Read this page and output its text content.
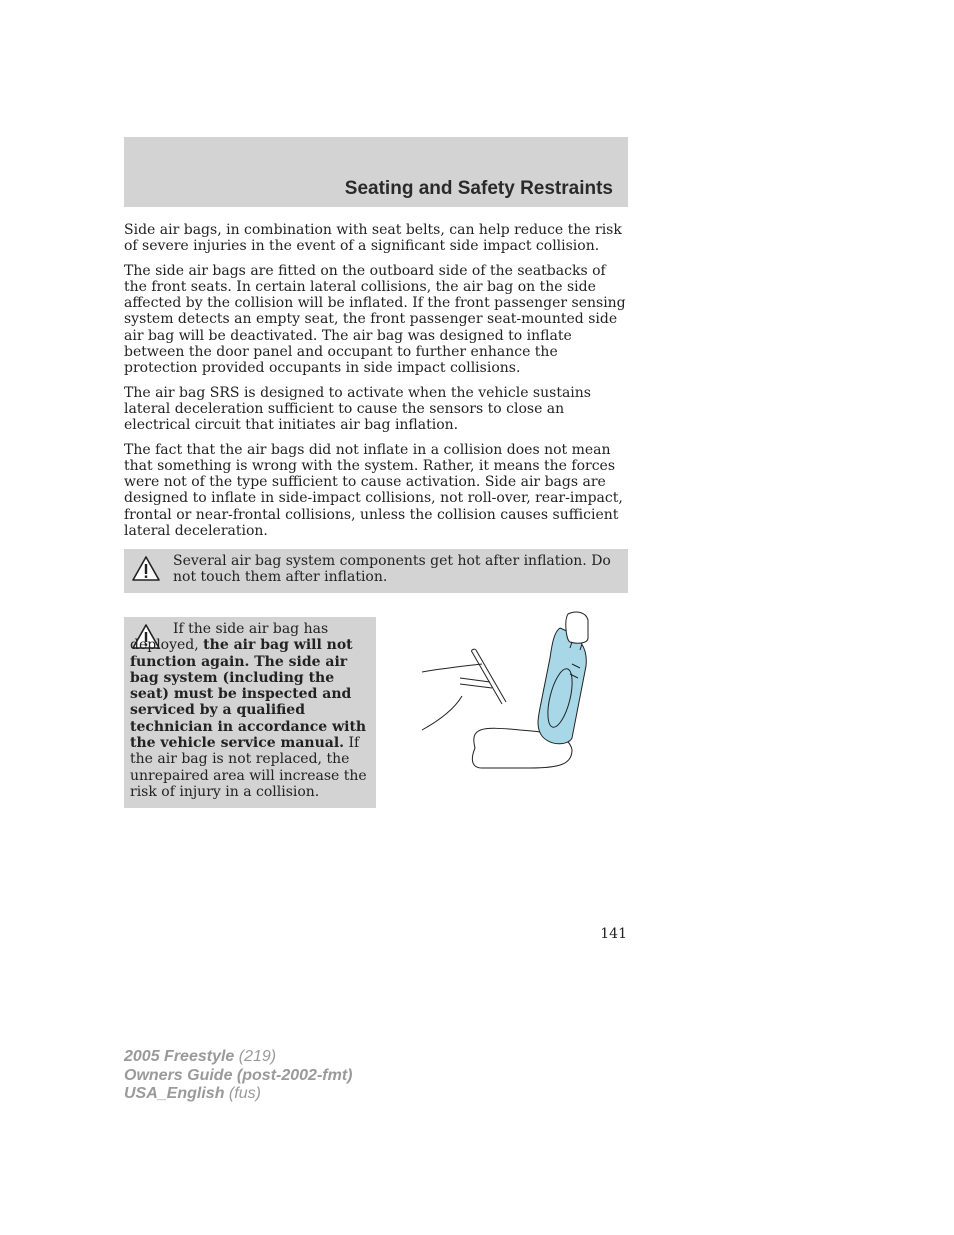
Seating and Safety Restraints

Side air bags, in combination with seat belts, can help reduce the risk of severe injuries in the event of a significant side impact collision.

The side air bags are fitted on the outboard side of the seatbacks of the front seats. In certain lateral collisions, the air bag on the side affected by the collision will be inflated. If the front passenger sensing system detects an empty seat, the front passenger seat-mounted side air bag will be deactivated. The air bag was designed to inflate between the door panel and occupant to further enhance the protection provided occupants in side impact collisions.

The air bag SRS is designed to activate when the vehicle sustains lateral deceleration sufficient to cause the sensors to close an electrical circuit that initiates air bag inflation.

The fact that the air bags did not inflate in a collision does not mean that something is wrong with the system. Rather, it means the forces were not of the type sufficient to cause activation. Side air bags are designed to inflate in side-impact collisions, not roll-over, rear-impact, frontal or near-frontal collisions, unless the collision causes sufficient lateral deceleration.

Several air bag system components get hot after inflation. Do not touch them after inflation.
If the side air bag has deployed, the air bag will not function again. The side air bag system (including the seat) must be inspected and serviced by a qualified technician in accordance with the vehicle service manual. If the air bag is not replaced, the unrepaired area will increase the risk of injury in a collision.
141
2005 Freestyle (219)
Owners Guide (post-2002-fmt)
USA_English (fus)
